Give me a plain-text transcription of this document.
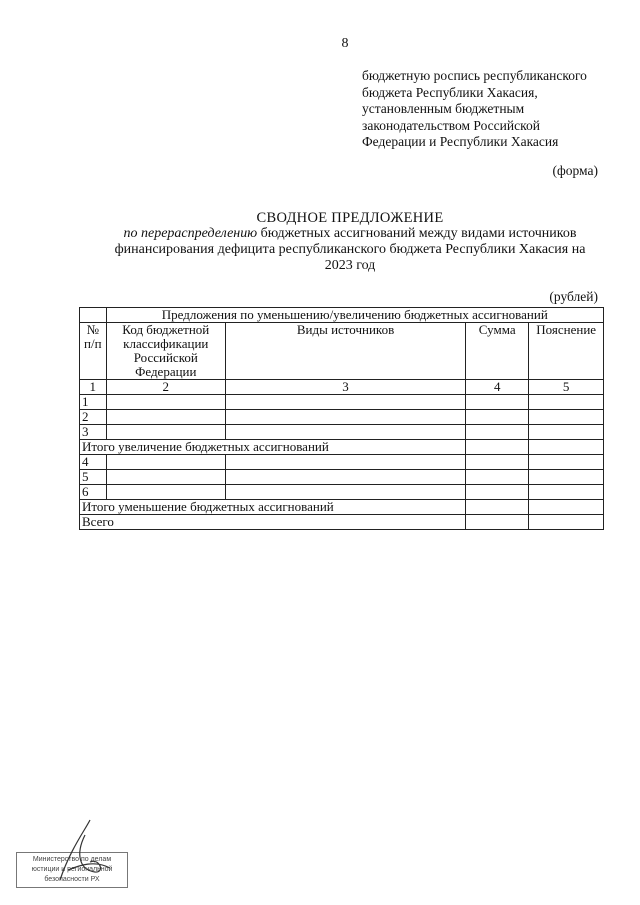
8
бюджетную роспись республиканского
бюджета Республики Хакасия,
установленным бюджетным
законодательством Российской
Федерации и Республики Хакасия
(форма)
СВОДНОЕ ПРЕДЛОЖЕНИЕ
по перераспределению бюджетных ассигнований между видами источников
финансирования дефицита республиканского бюджета Республики Хакасия на
2023 год
(рублей)
	Предложения по уменьшению/увеличению бюджетных ассигнований			
№ п/п	Код бюджетной классификации Российской Федерации	Виды источников	Сумма	Пояснение
1	2	3	4	5
1				
2				
3				
Итого увеличение бюджетных ассигнований				
4				
5				
6				
Итого уменьшение бюджетных ассигнований				
Всего				
Министерство по делам
юстиции и региональной
безопасности РХ
